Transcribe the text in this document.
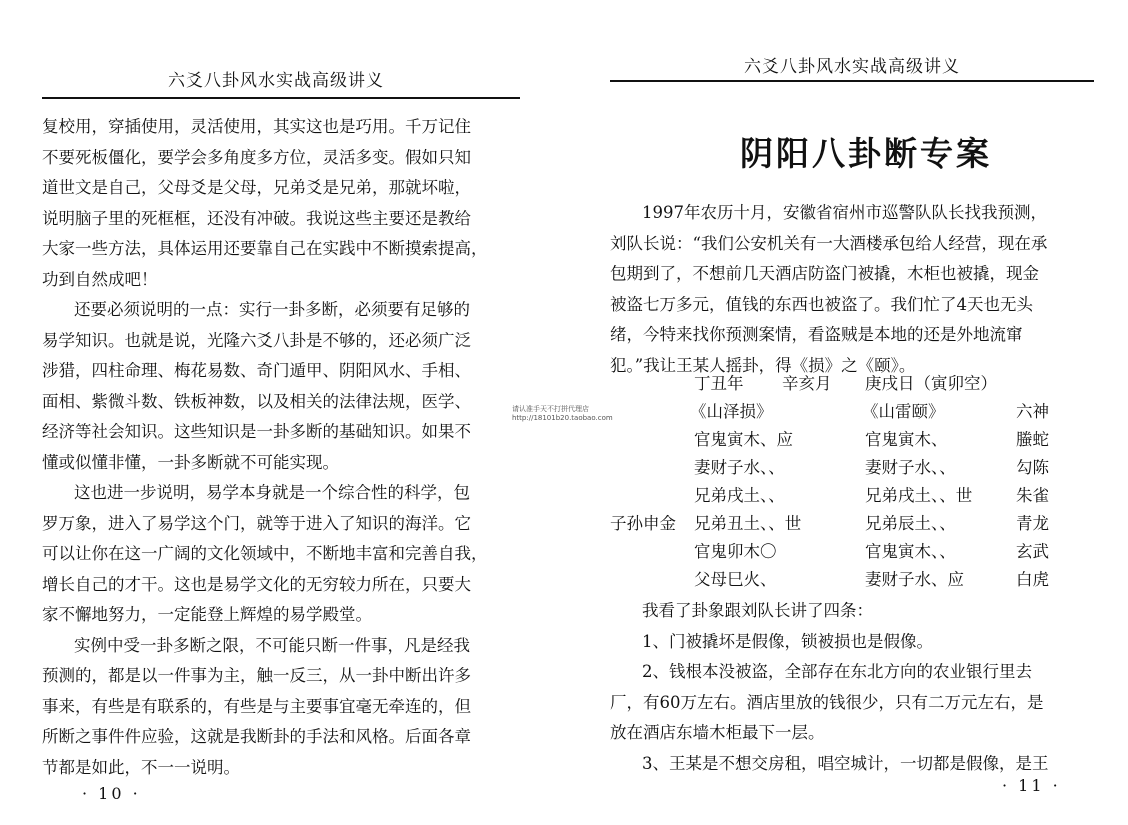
六爻八卦风水实战高级讲义

复校用，穿插使用，灵活使用，其实这也是巧用。千万记住

不要死板僵化，要学会多角度多方位，灵活多变。假如只知

道世文是自己，父母爻是父母，兄弟爻是兄弟，那就坏啦，

说明脑子里的死框框，还没有冲破。我说这些主要还是教给

大家一些方法，具体运用还要靠自己在实践中不断摸索提高，

功到自然成吧！

还要必须说明的一点：实行一卦多断，必须要有足够的

易学知识。也就是说，光隆六爻八卦是不够的，还必须广泛

涉猎，四柱命理、梅花易数、奇门遁甲、阴阳风水、手相、

面相、紫微斗数、铁板神数，以及相关的法律法规，医学、

经济等社会知识。这些知识是一卦多断的基础知识。如果不

懂或似懂非懂，一卦多断就不可能实现。

这也进一步说明，易学本身就是一个综合性的科学，包

罗万象，进入了易学这个门，就等于进入了知识的海洋。它

可以让你在这一广阔的文化领域中，不断地丰富和完善自我，

增长自己的才干。这也是易学文化的无穷较力所在，只要大

家不懈地努力，一定能登上辉煌的易学殿堂。

实例中受一卦多断之限，不可能只断一件事，凡是经我

预测的，都是以一件事为主，触一反三，从一卦中断出许多

事来，有些是有联系的，有些是与主要事宜毫无牵连的，但

所断之事件件应验，这就是我断卦的手法和风格。后面各章

节都是如此，不一一说明。

· 10 ·
请认准手天不打拼代理店
http://18101b20.taobao.com
六爻八卦风水实战高级讲义
阴阳八卦断专案

1997年农历十月，安徽省宿州市巡警队队长找我预测，

刘队长说：“我们公安机关有一大酒楼承包给人经营，现在承

包期到了，不想前几天酒店防盗门被撬，木柜也被撬，现金

被盗七万多元，值钱的东西也被盗了。我们忙了4天也无头

绪，今特来找你预测案情，看盗贼是本地的还是外地流窜

犯。”我让王某人摇卦，得《损》之《颐》。

丁丑年 辛亥月 庚戌日（寅卯空）
《山泽损》	《山雷颐》	六神
官鬼寅木、应	官鬼寅木、	螣蛇
妻财子水、、	妻财子水、、	勾陈
兄弟戌土、、	兄弟戌土、、世	朱雀
子孙申金 兄弟丑土、、世	兄弟辰土、、	青龙
官鬼卯木〇	官鬼寅木、、	玄武
父母巳火、	妻财子水、应	白虎

我看了卦象跟刘队长讲了四条：

1、门被撬坏是假像，锁被损也是假像。

2、钱根本没被盗，全部存在东北方向的农业银行里去

厂，有60万左右。酒店里放的钱很少，只有二万元左右，是

放在酒店东墙木柜最下一层。

3、王某是不想交房租，唱空城计，一切都是假像，是王

· 11 ·
